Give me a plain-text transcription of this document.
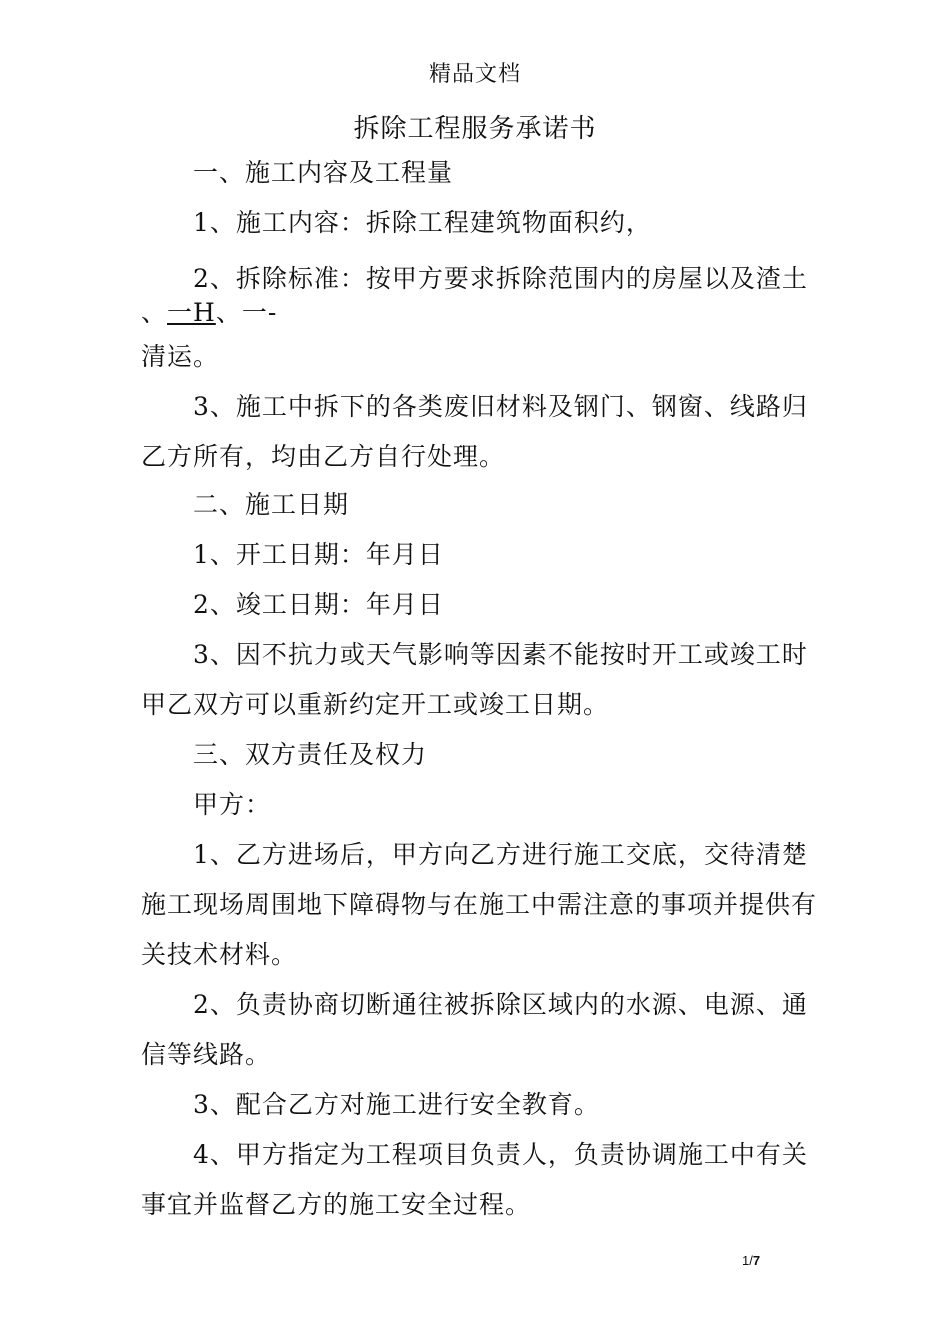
精品文档
拆除工程服务承诺书
一、施工内容及工程量
1、施工内容：拆除工程建筑物面积约，
2、拆除标准：按甲方要求拆除范围内的房屋以及渣土
、一H、一-
清运。
3、施工中拆下的各类废旧材料及钢门、钢窗、线路归
乙方所有，均由乙方自行处理。
二、施工日期
1、开工日期：年月日
2、竣工日期：年月日
3、因不抗力或天气影响等因素不能按时开工或竣工时
甲乙双方可以重新约定开工或竣工日期。
三、双方责任及权力
甲方：
1、乙方进场后，甲方向乙方进行施工交底，交待清楚
施工现场周围地下障碍物与在施工中需注意的事项并提供有
关技术材料。
2、负责协商切断通往被拆除区域内的水源、电源、通
信等线路。
3、配合乙方对施工进行安全教育。
4、甲方指定为工程项目负责人，负责协调施工中有关
事宜并监督乙方的施工安全过程。
1/7
